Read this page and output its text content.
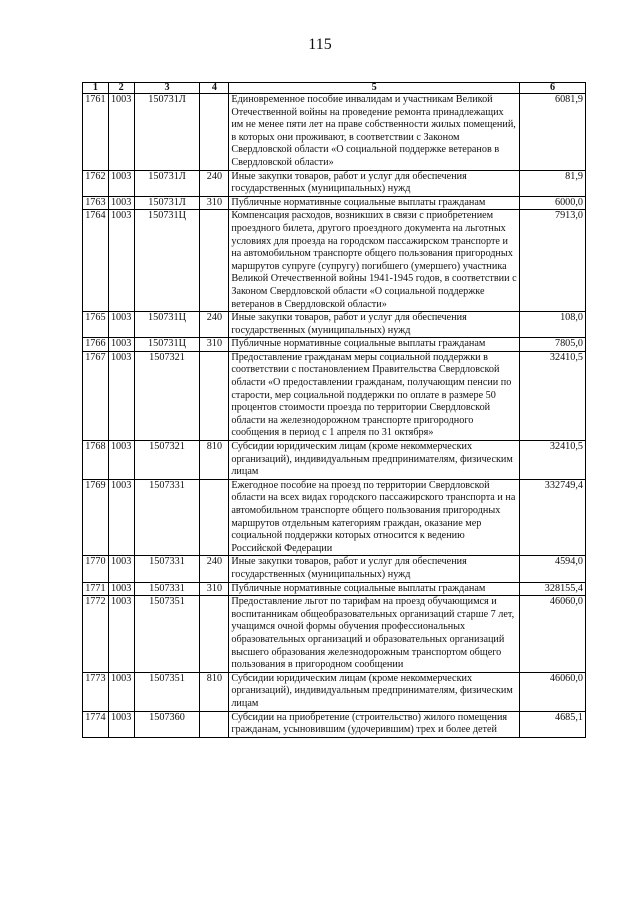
115
1	2	3	4	5	6
1761	1003	150731Л		Единовременное пособие инвалидам и участникам Великой Отечественной войны на проведение ремонта принадлежащих им не менее пяти лет на праве собственности жилых помещений, в которых они проживают, в соответствии с Законом Свердловской области «О социальной поддержке ветеранов в Свердловской области»	6081,9
1762	1003	150731Л	240	Иные закупки товаров, работ и услуг для обеспечения государственных (муниципальных) нужд	81,9
1763	1003	150731Л	310	Публичные нормативные социальные выплаты гражданам	6000,0
1764	1003	150731Ц		Компенсация расходов, возникших в связи с приобретением проездного билета, другого проездного документа на льготных условиях для проезда на городском пассажирском транспорте и на автомобильном транспорте общего пользования пригородных маршрутов супруге (супругу) погибшего (умершего) участника Великой Отечественной войны 1941-1945 годов, в соответствии с Законом Свердловской области «О социальной поддержке ветеранов в Свердловской области»	7913,0
1765	1003	150731Ц	240	Иные закупки товаров, работ и услуг для обеспечения государственных (муниципальных) нужд	108,0
1766	1003	150731Ц	310	Публичные нормативные социальные выплаты гражданам	7805,0
1767	1003	1507321		Предоставление гражданам меры социальной поддержки в соответствии с постановлением Правительства Свердловской области «О предоставлении гражданам, получающим пенсии по старости, мер социальной поддержки по оплате в размере 50 процентов стоимости проезда по территории Свердловской области на железнодорожном транспорте пригородного сообщения в период с 1 апреля по 31 октября»	32410,5
1768	1003	1507321	810	Субсидии юридическим лицам (кроме некоммерческих организаций), индивидуальным предпринимателям, физическим лицам	32410,5
1769	1003	1507331		Ежегодное пособие на проезд по территории Свердловской области на всех видах городского пассажирского транспорта и на автомобильном транспорте общего пользования пригородных маршрутов отдельным категориям граждан, оказание мер социальной поддержки которых относится к ведению Российской Федерации	332749,4
1770	1003	1507331	240	Иные закупки товаров, работ и услуг для обеспечения государственных (муниципальных) нужд	4594,0
1771	1003	1507331	310	Публичные нормативные социальные выплаты гражданам	328155,4
1772	1003	1507351		Предоставление льгот по тарифам на проезд обучающимся и воспитанникам общеобразовательных организаций старше 7 лет, учащимся очной формы обучения профессиональных образовательных организаций и образовательных организаций высшего образования железнодорожным транспортом общего пользования в пригородном сообщении	46060,0
1773	1003	1507351	810	Субсидии юридическим лицам (кроме некоммерческих организаций), индивидуальным предпринимателям, физическим лицам	46060,0
1774	1003	1507360		Субсидии на приобретение (строительство) жилого помещения гражданам, усыновившим (удочерившим) трех и более детей	4685,1
